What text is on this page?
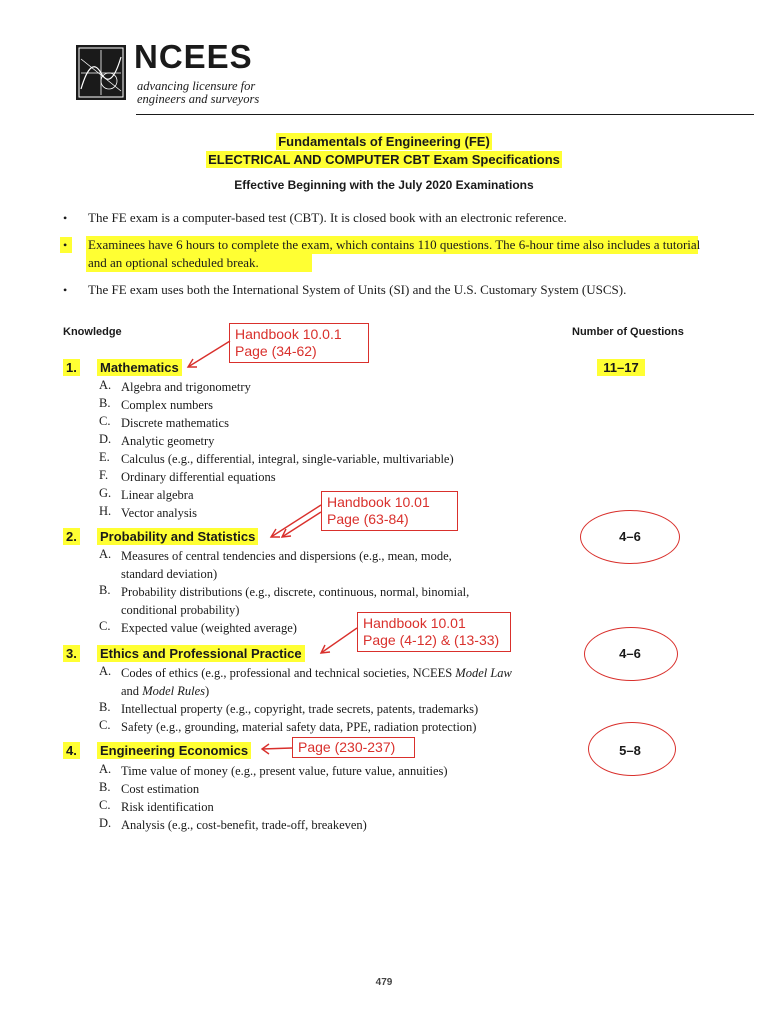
NCEES
advancing licensure for
engineers and surveyors
Fundamentals of Engineering (FE)
ELECTRICAL AND COMPUTER CBT Exam Specifications
Effective Beginning with the July 2020 Examinations
• The FE exam is a computer-based test (CBT). It is closed book with an electronic reference.
• Examinees have 6 hours to complete the exam, which contains 110 questions. The 6-hour time also includes a tutorial and an optional scheduled break.
• The FE exam uses both the International System of Units (SI) and the U.S. Customary System (USCS).
Knowledge	Number of Questions
1. Mathematics	11–17
A. Algebra and trigonometry
B. Complex numbers
C. Discrete mathematics
D. Analytic geometry
E. Calculus (e.g., differential, integral, single-variable, multivariable)
F. Ordinary differential equations
G. Linear algebra
H. Vector analysis
2. Probability and Statistics	4–6
A. Measures of central tendencies and dispersions (e.g., mean, mode,
standard deviation)
B. Probability distributions (e.g., discrete, continuous, normal, binomial,
conditional probability)
C. Expected value (weighted average)
3. Ethics and Professional Practice	4–6
A. Codes of ethics (e.g., professional and technical societies, NCEES Model Law
and Model Rules)
B. Intellectual property (e.g., copyright, trade secrets, patents, trademarks)
C. Safety (e.g., grounding, material safety data, PPE, radiation protection)
4. Engineering Economics	5–8
A. Time value of money (e.g., present value, future value, annuities)
B. Cost estimation
C. Risk identification
D. Analysis (e.g., cost-benefit, trade-off, breakeven)
Handbook 10.0.1
Page (34-62)
Handbook 10.01
Page (63-84)
Handbook 10.01
Page (4-12) & (13-33)
Page (230-237)
479
